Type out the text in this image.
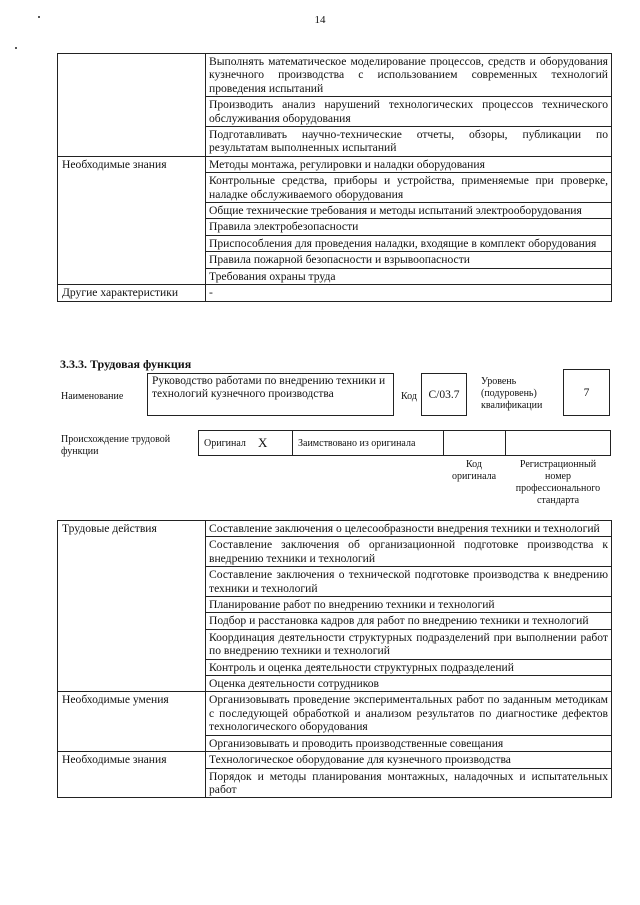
14
	Выполнять математическое моделирование процессов, средств и оборудования кузнечного производства с использованием современных технологий проведения испытаний
	Производить анализ нарушений технологических процессов технического обслуживания оборудования
	Подготавливать научно-технические отчеты, обзоры, публикации по результатам выполненных испытаний
Необходимые знания	Методы монтажа, регулировки и наладки оборудования
	Контрольные средства, приборы и устройства, применяемые при проверке, наладке обслуживаемого оборудования
	Общие технические требования и методы испытаний электрооборудования
	Правила электробезопасности
	Приспособления для проведения наладки, входящие в комплект оборудования
	Правила пожарной безопасности и взрывоопасности
	Требования охраны труда
Другие характеристики	-
3.3.3. Трудовая функция
Наименование
Руководство работами по внедрению техники и технологий кузнечного производства	Код	C/03.7
Уровень (подуровень) квалификации
7
Происхождение трудовой функции
Оригинал X	Заимствовано из оригинала
Код оригинала
Регистрационный номер профессионального стандарта
Трудовые действия	Составление заключения о целесообразности внедрения техники и технологий
	Составление заключения об организационной подготовке производства к внедрению техники и технологий
	Составление заключения о технической подготовке производства к внедрению техники и технологий
	Планирование работ по внедрению техники и технологий
	Подбор и расстановка кадров для работ по внедрению техники и технологий
	Координация деятельности структурных подразделений при выполнении работ по внедрению техники и технологий
	Контроль и оценка деятельности структурных подразделений
	Оценка деятельности сотрудников
Необходимые умения	Организовывать проведение экспериментальных работ по заданным методикам с последующей обработкой и анализом результатов по диагностике дефектов технологического оборудования
	Организовывать и проводить производственные совещания
Необходимые знания	Технологическое оборудование для кузнечного производства
	Порядок и методы планирования монтажных, наладочных и испытательных работ
